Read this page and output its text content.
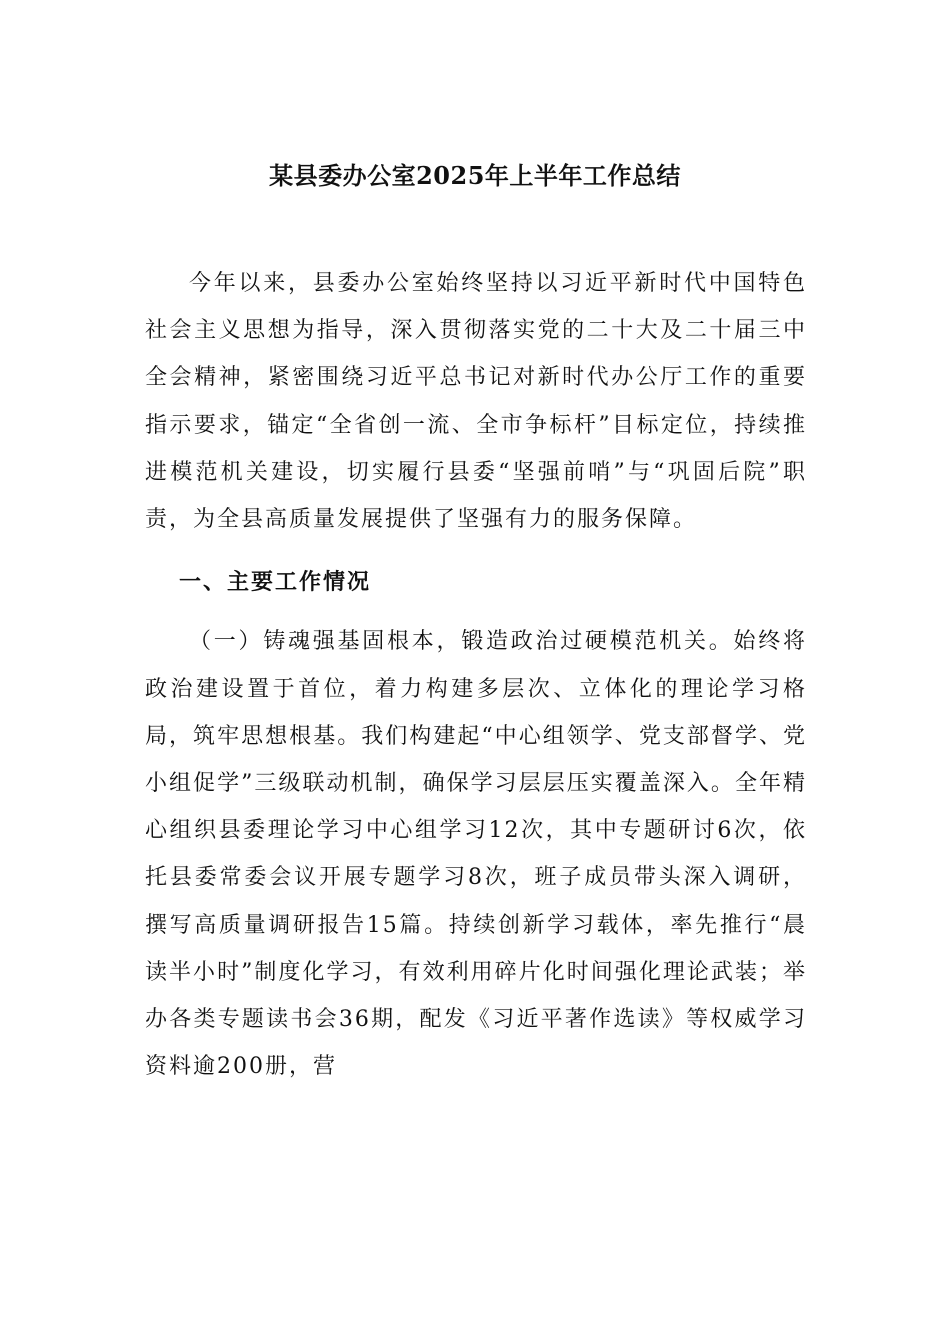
某县委办公室2025年上半年工作总结

今年以来，县委办公室始终坚持以习近平新时代中国特色社会主义思想为指导，深入贯彻落实党的二十大及二十届三中全会精神，紧密围绕习近平总书记对新时代办公厅工作的重要指示要求，锚定“全省创一流、全市争标杆”目标定位，持续推进模范机关建设，切实履行县委“坚强前哨”与“巩固后院”职责，为全县高质量发展提供了坚强有力的服务保障。

一、主要工作情况

（一）铸魂强基固根本，锻造政治过硬模范机关。始终将政治建设置于首位，着力构建多层次、立体化的理论学习格局，筑牢思想根基。我们构建起“中心组领学、党支部督学、党小组促学”三级联动机制，确保学习层层压实覆盖深入。全年精心组织县委理论学习中心组学习12次，其中专题研讨6次，依托县委常委会议开展专题学习8次，班子成员带头深入调研，撰写高质量调研报告15篇。持续创新学习载体，率先推行“晨读半小时”制度化学习，有效利用碎片化时间强化理论武装；举办各类专题读书会36期，配发《习近平著作选读》等权威学习资料逾200册，营
